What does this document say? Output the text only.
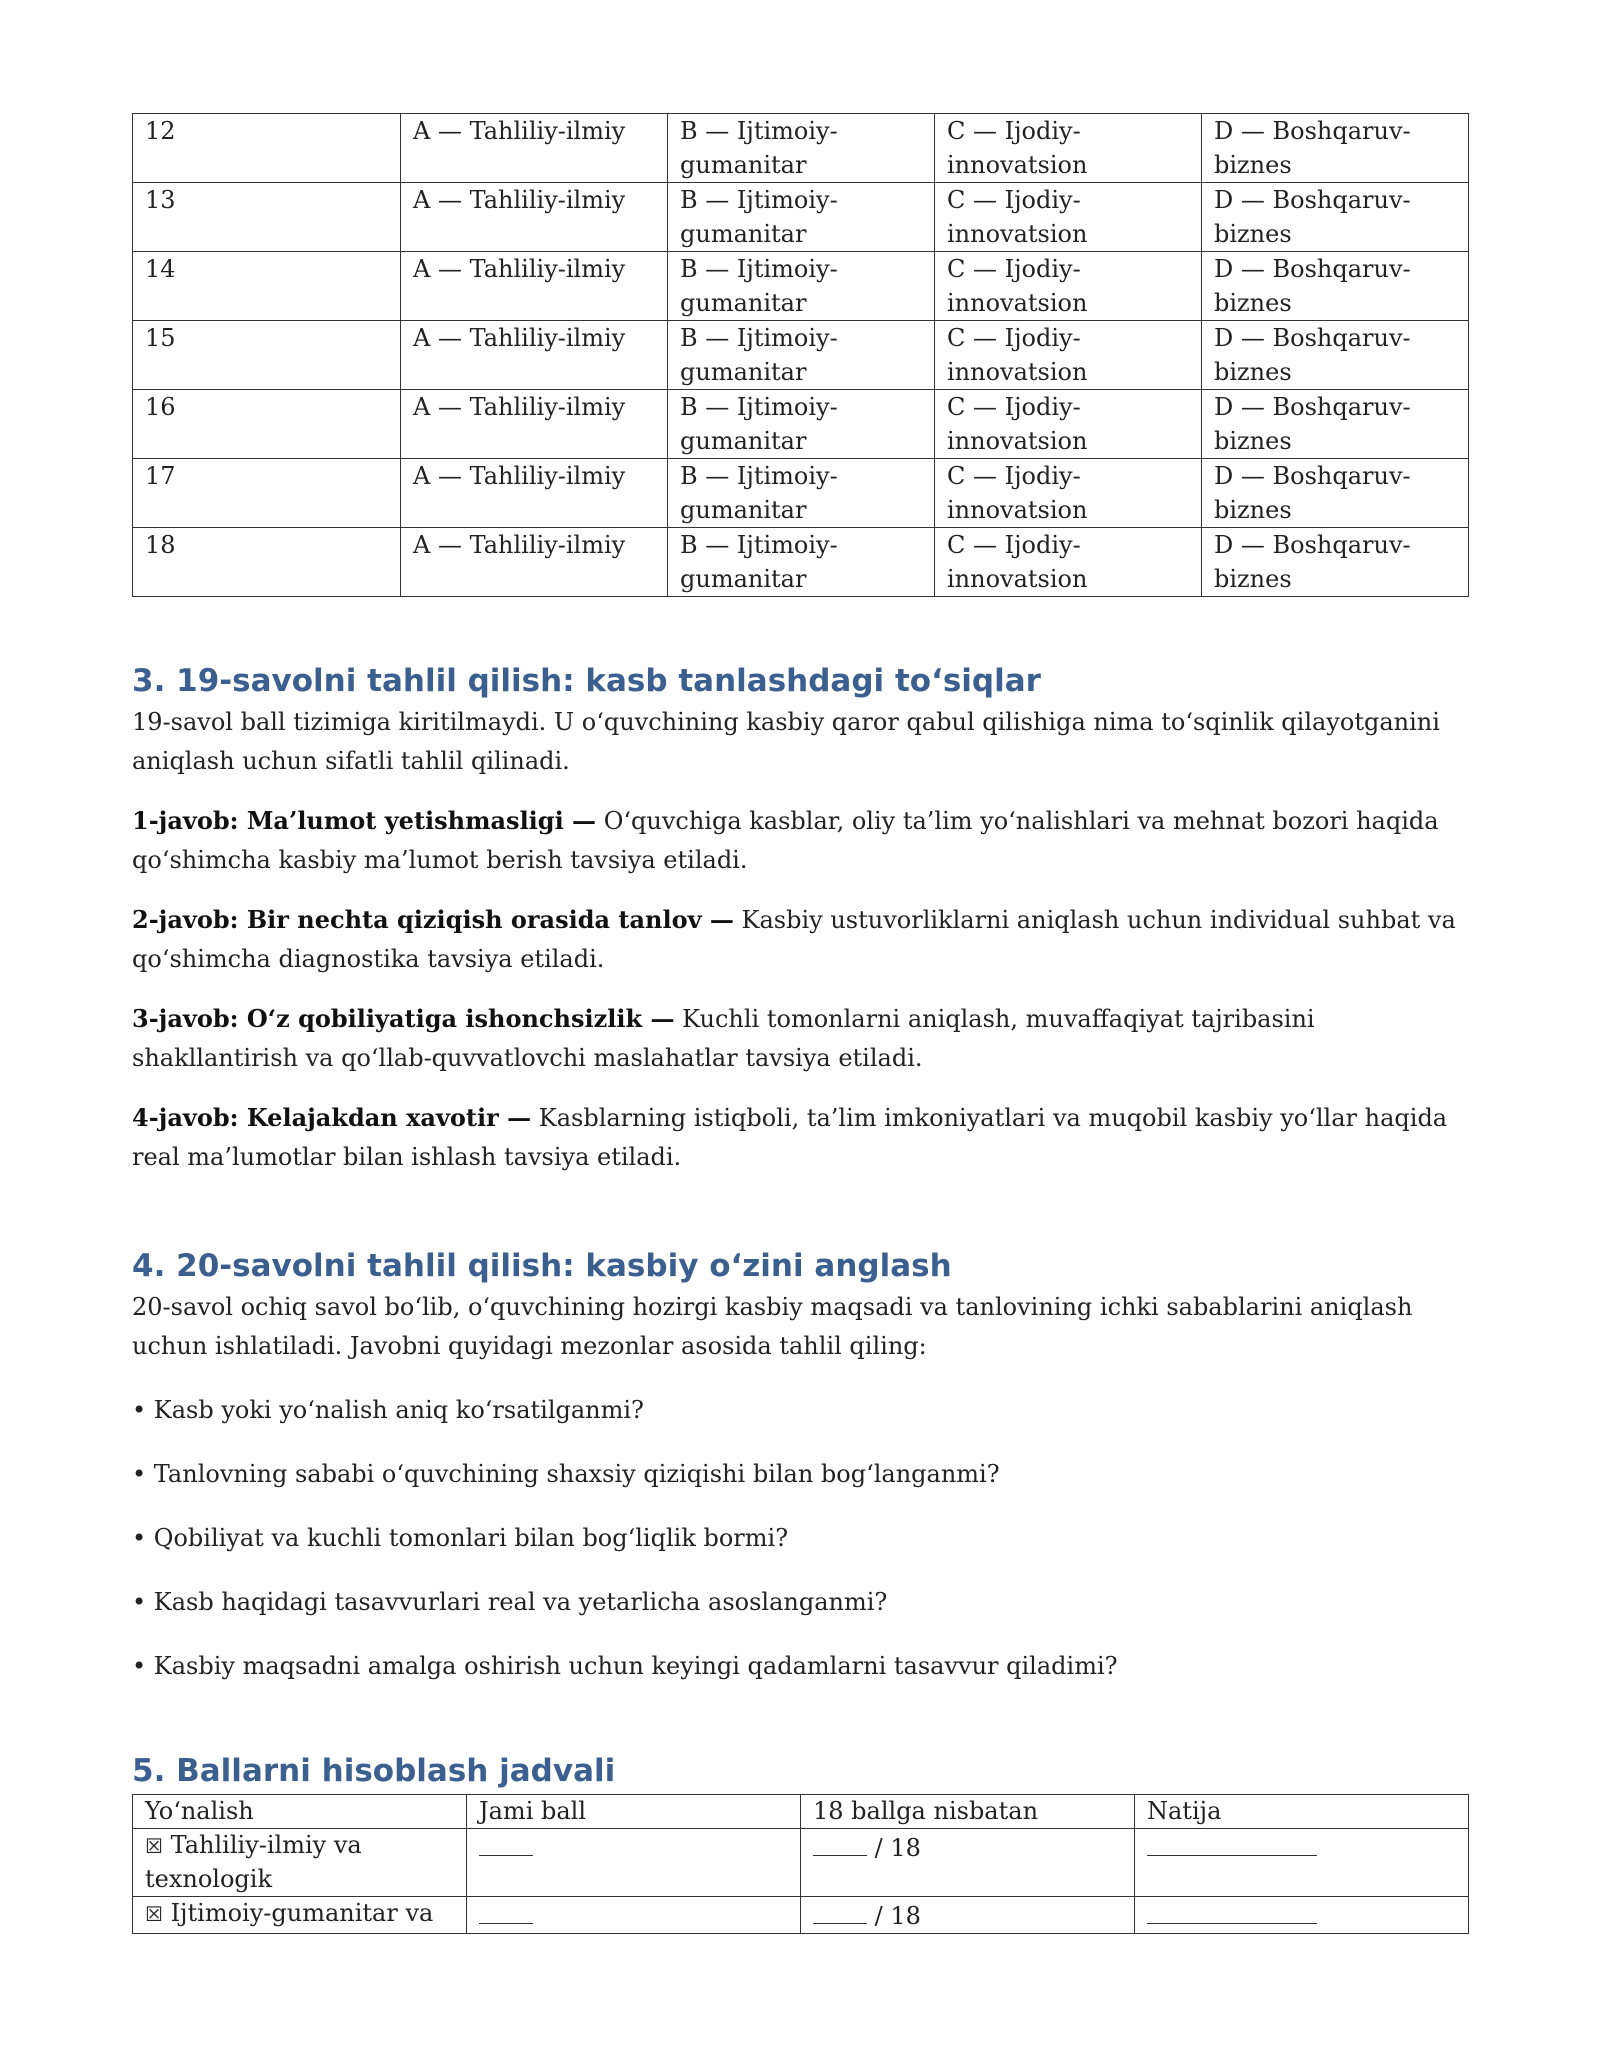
12	A — Tahliliy-ilmiy	B — Ijtimoiy-gumanitar	C — Ijodiy-innovatsion	D — Boshqaruv-biznes
13	A — Tahliliy-ilmiy	B — Ijtimoiy-gumanitar	C — Ijodiy-innovatsion	D — Boshqaruv-biznes
14	A — Tahliliy-ilmiy	B — Ijtimoiy-gumanitar	C — Ijodiy-innovatsion	D — Boshqaruv-biznes
15	A — Tahliliy-ilmiy	B — Ijtimoiy-gumanitar	C — Ijodiy-innovatsion	D — Boshqaruv-biznes
16	A — Tahliliy-ilmiy	B — Ijtimoiy-gumanitar	C — Ijodiy-innovatsion	D — Boshqaruv-biznes
17	A — Tahliliy-ilmiy	B — Ijtimoiy-gumanitar	C — Ijodiy-innovatsion	D — Boshqaruv-biznes
18	A — Tahliliy-ilmiy	B — Ijtimoiy-gumanitar	C — Ijodiy-innovatsion	D — Boshqaruv-biznes
3. 19-savolni tahlil qilish: kasb tanlashdagi to‘siqlar

19-savol ball tizimiga kiritilmaydi. U o‘quvchining kasbiy qaror qabul qilishiga nima to‘sqinlik qilayotganini aniqlash uchun sifatli tahlil qilinadi.

1-javob: Ma’lumot yetishmasligi — O‘quvchiga kasblar, oliy ta’lim yo‘nalishlari va mehnat bozori haqida qo‘shimcha kasbiy ma’lumot berish tavsiya etiladi.

2-javob: Bir nechta qiziqish orasida tanlov — Kasbiy ustuvorliklarni aniqlash uchun individual suhbat va qo‘shimcha diagnostika tavsiya etiladi.

3-javob: O‘z qobiliyatiga ishonchsizlik — Kuchli tomonlarni aniqlash, muvaffaqiyat tajribasini shakllantirish va qo‘llab-quvvatlovchi maslahatlar tavsiya etiladi.

4-javob: Kelajakdan xavotir — Kasblarning istiqboli, ta’lim imkoniyatlari va muqobil kasbiy yo‘llar haqida real ma’lumotlar bilan ishlash tavsiya etiladi.

4. 20-savolni tahlil qilish: kasbiy o‘zini anglash

20-savol ochiq savol bo‘lib, o‘quvchining hozirgi kasbiy maqsadi va tanlovining ichki sabablarini aniqlash uchun ishlatiladi. Javobni quyidagi mezonlar asosida tahlil qiling:

• Kasb yoki yo‘nalish aniq ko‘rsatilganmi?

• Tanlovning sababi o‘quvchining shaxsiy qiziqishi bilan bog‘langanmi?

• Qobiliyat va kuchli tomonlari bilan bog‘liqlik bormi?

• Kasb haqidagi tasavvurlari real va yetarlicha asoslanganmi?

• Kasbiy maqsadni amalga oshirish uchun keyingi qadamlarni tasavvur qiladimi?

5. Ballarni hisoblash jadvali
Yo‘nalish	Jami ball	18 ballga nisbatan	Natija
☒ Tahliliy-ilmiy va texnologik		/ 18	
☒ Ijtimoiy-gumanitar va		/ 18	
